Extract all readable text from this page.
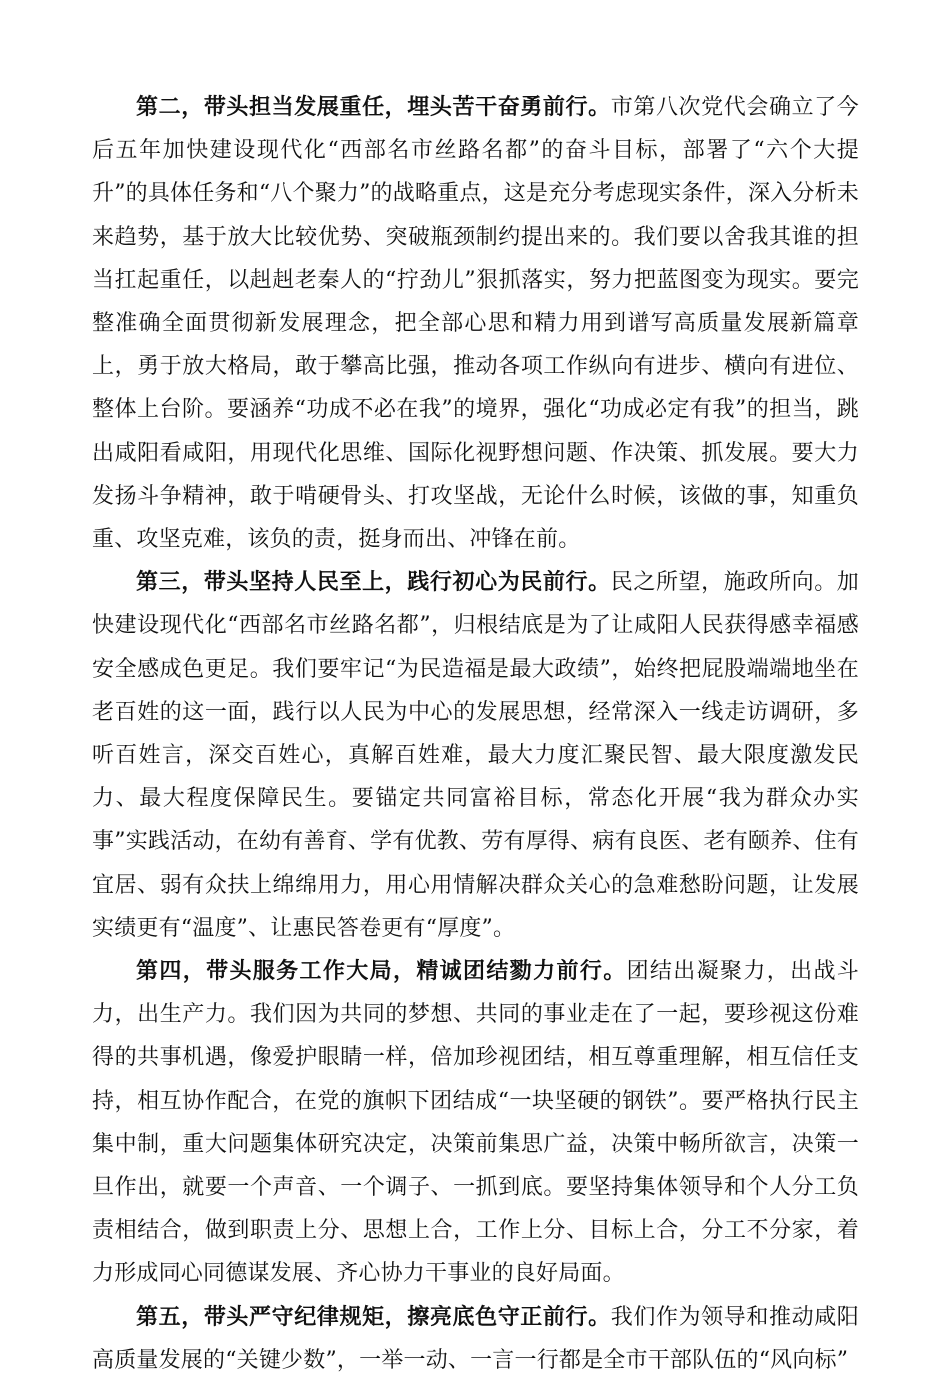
第二，带头担当发展重任，埋头苦干奋勇前行。市第八次党代会确立了今后五年加快建设现代化“西部名市丝路名都”的奋斗目标，部署了“六个大提升”的具体任务和“八个聚力”的战略重点，这是充分考虑现实条件，深入分析未来趋势，基于放大比较优势、突破瓶颈制约提出来的。我们要以舍我其谁的担当扛起重任，以赳赳老秦人的“拧劲儿”狠抓落实，努力把蓝图变为现实。要完整准确全面贯彻新发展理念，把全部心思和精力用到谱写高质量发展新篇章上，勇于放大格局，敢于攀高比强，推动各项工作纵向有进步、横向有进位、整体上台阶。要涵养“功成不必在我”的境界，强化“功成必定有我”的担当，跳出咸阳看咸阳，用现代化思维、国际化视野想问题、作决策、抓发展。要大力发扬斗争精神，敢于啃硬骨头、打攻坚战，无论什么时候，该做的事，知重负重、攻坚克难，该负的责，挺身而出、冲锋在前。

第三，带头坚持人民至上，践行初心为民前行。民之所望，施政所向。加快建设现代化“西部名市丝路名都”，归根结底是为了让咸阳人民获得感幸福感安全感成色更足。我们要牢记“为民造福是最大政绩”，始终把屁股端端地坐在老百姓的这一面，践行以人民为中心的发展思想，经常深入一线走访调研，多听百姓言，深交百姓心，真解百姓难，最大力度汇聚民智、最大限度激发民力、最大程度保障民生。要锚定共同富裕目标，常态化开展“我为群众办实事”实践活动，在幼有善育、学有优教、劳有厚得、病有良医、老有颐养、住有宜居、弱有众扶上绵绵用力，用心用情解决群众关心的急难愁盼问题，让发展实绩更有“温度”、让惠民答卷更有“厚度”。

第四，带头服务工作大局，精诚团结勠力前行。团结出凝聚力，出战斗力，出生产力。我们因为共同的梦想、共同的事业走在了一起，要珍视这份难得的共事机遇，像爱护眼睛一样，倍加珍视团结，相互尊重理解，相互信任支持，相互协作配合，在党的旗帜下团结成“一块坚硬的钢铁”。要严格执行民主集中制，重大问题集体研究决定，决策前集思广益，决策中畅所欲言，决策一旦作出，就要一个声音、一个调子、一抓到底。要坚持集体领导和个人分工负责相结合，做到职责上分、思想上合，工作上分、目标上合，分工不分家，着力形成同心同德谋发展、齐心协力干事业的良好局面。

第五，带头严守纪律规矩，擦亮底色守正前行。我们作为领导和推动咸阳高质量发展的“关键少数”，一举一动、一言一行都是全市干部队伍的“风向标”
